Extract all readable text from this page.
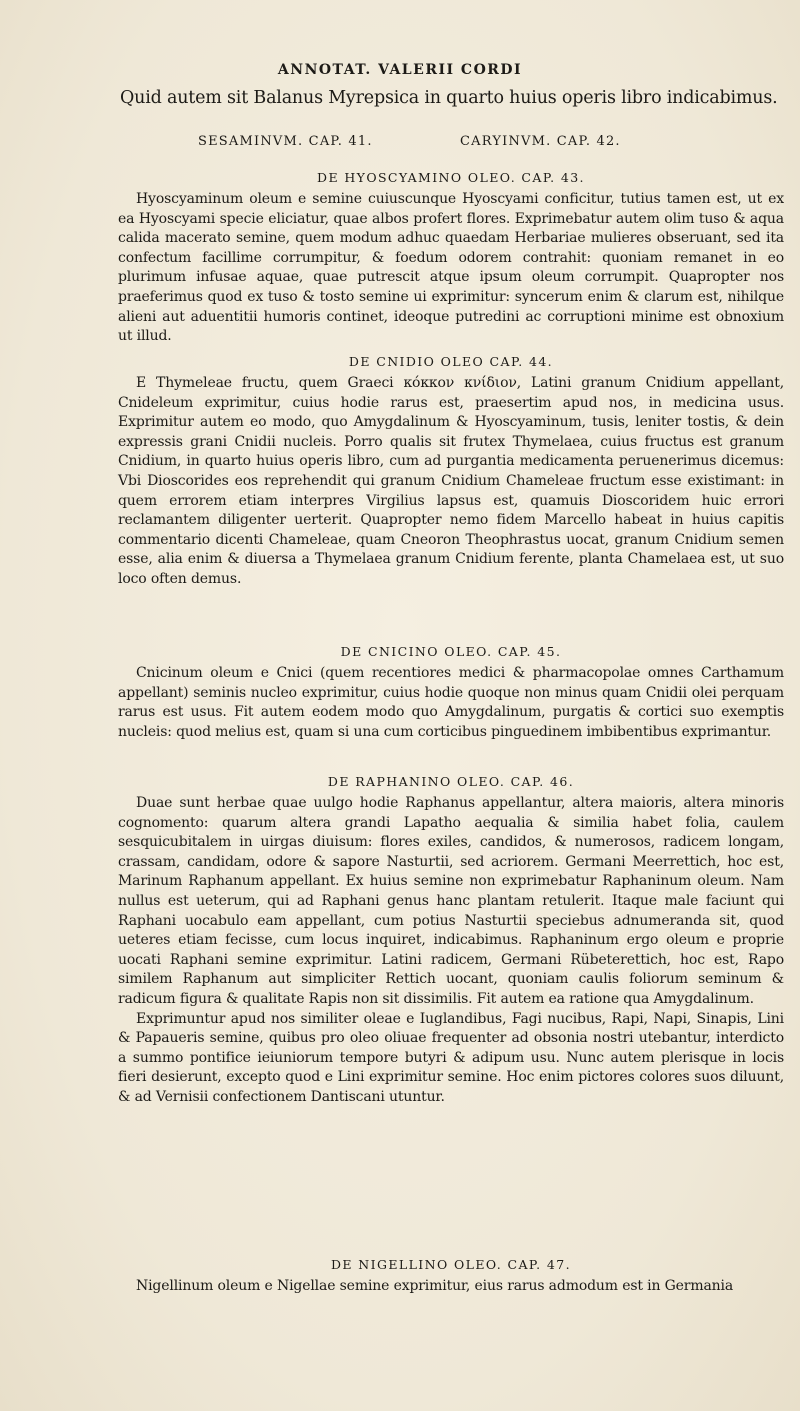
ANNOTAT. VALERII CORDI
Quid autem sit Balanus Myrepsica in quarto huius operis libro indicabimus.
SESAMINVM. CAP. 41.	CARYINVM. CAP. 42.
DE HYOSCYAMINO OLEO. CAP. 43.

Hyoscyaminum oleum e semine cuiuscunque Hyoscyami conficitur, tutius tamen est, ut ex ea Hyoscyami specie eliciatur, quae albos profert flores. Exprimebatur autem olim tuso & aqua calida macerato semine, quem modum adhuc quaedam Herbariae mulieres obseruant, sed ita confectum facillime corrumpitur, & foedum odorem contrahit: quoniam remanet in eo plurimum infusae aquae, quae putrescit atque ipsum oleum corrumpit. Quapropter nos praeferimus quod ex tuso & tosto semine ui exprimitur: syncerum enim & clarum est, nihilque alieni aut aduentitii humoris continet, ideoque putredini ac corruptioni minime est obnoxium ut illud.

DE CNIDIO OLEO CAP. 44.

E Thymeleae fructu, quem Graeci κόκκον κνίδιον, Latini granum Cnidium appellant, Cnideleum exprimitur, cuius hodie rarus est, praesertim apud nos, in medicina usus. Exprimitur autem eo modo, quo Amygdalinum & Hyoscyaminum, tusis, leniter tostis, & dein expressis grani Cnidii nucleis. Porro qualis sit frutex Thymelaea, cuius fructus est granum Cnidium, in quarto huius operis libro, cum ad purgantia medicamenta peruenerimus dicemus: Vbi Dioscorides eos reprehendit qui granum Cnidium Chameleae fructum esse existimant: in quem errorem etiam interpres Virgilius lapsus est, quamuis Dioscoridem huic errori reclamantem diligenter uerterit. Quapropter nemo fidem Marcello habeat in huius capitis commentario dicenti Chameleae, quam Cneoron Theophrastus uocat, granum Cnidium semen esse, alia enim & diuersa a Thymelaea granum Cnidium ferente, planta Chamelaea est, ut suo loco often demus.

DE CNICINO OLEO. CAP. 45.

Cnicinum oleum e Cnici (quem recentiores medici & pharmacopolae omnes Carthamum appellant) seminis nucleo exprimitur, cuius hodie quoque non minus quam Cnidii olei perquam rarus est usus. Fit autem eodem modo quo Amygdalinum, purgatis & cortici suo exemptis nucleis: quod melius est, quam si una cum corticibus pinguedinem imbibentibus exprimantur.

DE RAPHANINO OLEO. CAP. 46.

Duae sunt herbae quae uulgo hodie Raphanus appellantur, altera maioris, altera minoris cognomento: quarum altera grandi Lapatho aequalia & similia habet folia, caulem sesquicubitalem in uirgas diuisum: flores exiles, candidos, & numerosos, radicem longam, crassam, candidam, odore & sapore Nasturtii, sed acriorem. Germani Meerrettich, hoc est, Marinum Raphanum appellant. Ex huius semine non exprimebatur Raphaninum oleum. Nam nullus est ueterum, qui ad Raphani genus hanc plantam retulerit. Itaque male faciunt qui Raphani uocabulo eam appellant, cum potius Nasturtii speciebus adnumeranda sit, quod ueteres etiam fecisse, cum locus inquiret, indicabimus. Raphaninum ergo oleum e proprie uocati Raphani semine exprimitur. Latini radicem, Germani Rübeterettich, hoc est, Rapo similem Raphanum aut simpliciter Rettich uocant, quoniam caulis foliorum seminum & radicum figura & qualitate Rapis non sit dissimilis. Fit autem ea ratione qua Amygdalinum.

Exprimuntur apud nos similiter oleae e Iuglandibus, Fagi nucibus, Rapi, Napi, Sinapis, Lini & Papaueris semine, quibus pro oleo oliuae frequenter ad obsonia nostri utebantur, interdicto a summo pontifice ieiuniorum tempore butyri & adipum usu. Nunc autem plerisque in locis fieri desierunt, excepto quod e Lini exprimitur semine. Hoc enim pictores colores suos diluunt, & ad Vernisii confectionem Dantiscani utuntur.

DE NIGELLINO OLEO. CAP. 47.

Nigellinum oleum e Nigellae semine exprimitur, eius rarus admodum est in Germania
